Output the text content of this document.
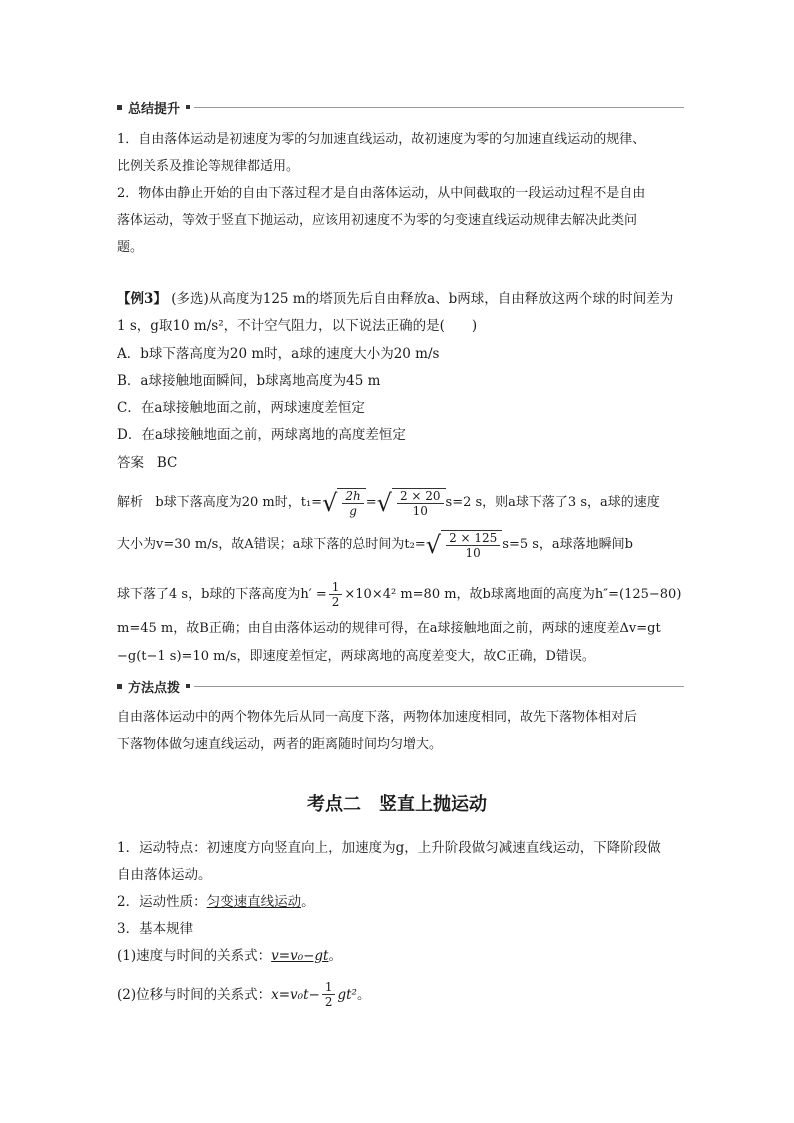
总结提升
1．自由落体运动是初速度为零的匀加速直线运动，故初速度为零的匀加速直线运动的规律、
比例关系及推论等规律都适用。
2．物体由静止开始的自由下落过程才是自由落体运动，从中间截取的一段运动过程不是自由
落体运动，等效于竖直下抛运动，应该用初速度不为零的匀变速直线运动规律去解决此类问
题。
【例3】 (多选)从高度为125 m的塔顶先后自由释放a、b两球，自由释放这两个球的时间差为
1 s，g取10 m/s²，不计空气阻力，以下说法正确的是(　　)
A．b球下落高度为20 m时，a球的速度大小为20 m/s
B．a球接触地面瞬间，b球离地高度为45 m
C．在a球接触地面之前，两球速度差恒定
D．在a球接触地面之前，两球离地的高度差恒定
答案 BC
解析
b球下落高度为20 m时， t₁= √ $\frac{2h}{g}$ = √ $\frac{2 \times 20}{10} s=2$ s，则a球下落了3 s，a球的速度
大小为v=30 m/s，故A错误；a球下落的总时间为t₂= √ $\frac{2 \times 125}{10} s=5$ s，a球落地瞬间b
球下落了4 s，b球的下落高度为$h' = \frac{1}{2} \times 10\times 4^2$ m=80 m，故b球离地面的高度为h″=(125−80)
m=45 m，故B正确；由自由落体运动的规律可得，在a球接触地面之前，两球的速度差Δv=gt
−g(t−1 s)=10 m/s，即速度差恒定，两球离地的高度差变大，故C正确，D错误。
方法点拨
自由落体运动中的两个物体先后从同一高度下落，两物体加速度相同，故先下落物体相对后
下落物体做匀速直线运动，两者的距离随时间均匀增大。
考点二　竖直上抛运动
1．运动特点：初速度方向竖直向上，加速度为g，上升阶段做匀减速直线运动，下降阶段做
自由落体运动。
2．运动性质：匀变速直线运动。
3．基本规律
(1)速度与时间的关系式：v=v₀−gt。
(2)位移与时间的关系式： $x=v_0t- \frac{1}{2} gt^2$ 。
